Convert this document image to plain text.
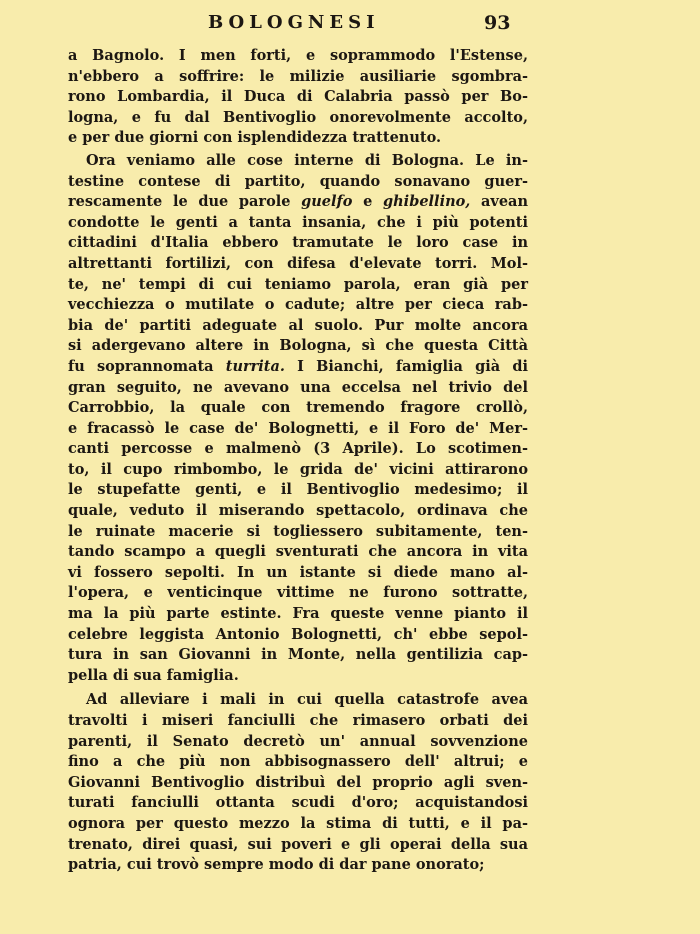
BOLOGNESI	93
a Bagnolo. I men forti, e soprammodo l'Estense,
n'ebbero a soffrire: le milizie ausiliarie sgombra-
rono Lombardia, il Duca di Calabria passò per Bo-
logna, e fu dal Bentivoglio onorevolmente accolto,
e per due giorni con isplendidezza trattenuto.
Ora veniamo alle cose interne di Bologna. Le in-
testine contese di partito, quando sonavano guer-
rescamente le due parole guelfo e ghibellino, avean
condotte le genti a tanta insania, che i più potenti
cittadini d'Italia ebbero tramutate le loro case in
altrettanti fortilizi, con difesa d'elevate torri. Mol-
te, ne' tempi di cui teniamo parola, eran già per
vecchiezza o mutilate o cadute; altre per cieca rab-
bia de' partiti adeguate al suolo. Pur molte ancora
si adergevano altere in Bologna, sì che questa Città
fu soprannomata turrita. I Bianchi, famiglia già di
gran seguito, ne avevano una eccelsa nel trivio del
Carrobbio, la quale con tremendo fragore crollò,
e fracassò le case de' Bolognetti, e il Foro de' Mer-
canti percosse e malmenò (3 Aprile). Lo scotimen-
to, il cupo rimbombo, le grida de' vicini attirarono
le stupefatte genti, e il Bentivoglio medesimo; il
quale, veduto il miserando spettacolo, ordinava che
le ruinate macerie si togliessero subitamente, ten-
tando scampo a quegli sventurati che ancora in vita
vi fossero sepolti. In un istante si diede mano al-
l'opera, e venticinque vittime ne furono sottratte,
ma la più parte estinte. Fra queste venne pianto il
celebre leggista Antonio Bolognetti, ch' ebbe sepol-
tura in san Giovanni in Monte, nella gentilizia cap-
pella di sua famiglia.
Ad alleviare i mali in cui quella catastrofe avea
travolti i miseri fanciulli che rimasero orbati dei
parenti, il Senato decretò un' annual sovvenzione
fino a che più non abbisognassero dell' altrui; e
Giovanni Bentivoglio distribuì del proprio agli sven-
turati fanciulli ottanta scudi d'oro; acquistandosi
ognora per questo mezzo la stima di tutti, e il pa-
trenato, direi quasi, sui poveri e gli operai della sua
patria, cui trovò sempre modo di dar pane onorato;
